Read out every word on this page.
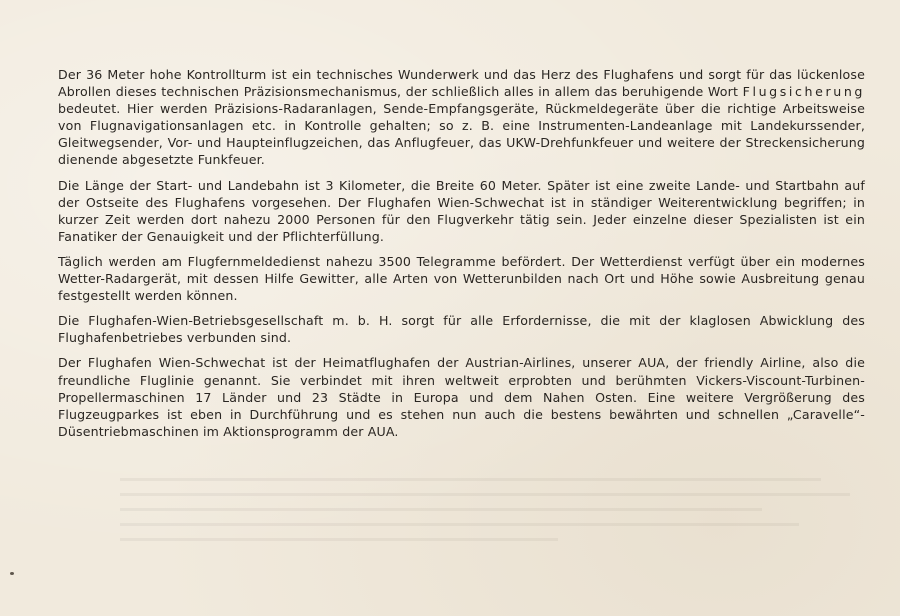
Der 36 Meter hohe Kontrollturm ist ein technisches Wunderwerk und das Herz des Flughafens und sorgt für das lückenlose Abrollen dieses technischen Präzisionsmechanismus, der schließlich alles in allem das beruhigende Wort Flugsicherung bedeutet. Hier werden Präzisions-Radaranlagen, Sende-Empfangsgeräte, Rückmeldegeräte über die richtige Arbeitsweise von Flugnavigationsanlagen etc. in Kontrolle gehalten; so z. B. eine Instrumenten-Landeanlage mit Landekurssender, Gleitwegsender, Vor- und Haupteinflugzeichen, das Anflugfeuer, das UKW-Drehfunkfeuer und weitere der Streckensicherung dienende abgesetzte Funkfeuer.

Die Länge der Start- und Landebahn ist 3 Kilometer, die Breite 60 Meter. Später ist eine zweite Lande- und Startbahn auf der Ostseite des Flughafens vorgesehen. Der Flughafen Wien-Schwechat ist in ständiger Weiterentwicklung begriffen; in kurzer Zeit werden dort nahezu 2000 Personen für den Flugverkehr tätig sein. Jeder einzelne dieser Spezialisten ist ein Fanatiker der Genauigkeit und der Pflichterfüllung.

Täglich werden am Flugfernmeldedienst nahezu 3500 Telegramme befördert. Der Wetterdienst verfügt über ein modernes Wetter-Radargerät, mit dessen Hilfe Gewitter, alle Arten von Wetterunbilden nach Ort und Höhe sowie Ausbreitung genau festgestellt werden können.

Die Flughafen-Wien-Betriebsgesellschaft m. b. H. sorgt für alle Erfordernisse, die mit der klaglosen Abwicklung des Flughafenbetriebes verbunden sind.

Der Flughafen Wien-Schwechat ist der Heimatflughafen der Austrian-Airlines, unserer AUA, der friendly Airline, also die freundliche Fluglinie genannt. Sie verbindet mit ihren weltweit erprobten und berühmten Vickers-Viscount-Turbinen-Propellermaschinen 17 Länder und 23 Städte in Europa und dem Nahen Osten. Eine weitere Vergrößerung des Flugzeugparkes ist eben in Durchführung und es stehen nun auch die bestens bewährten und schnellen „Caravelle“-Düsentriebmaschinen im Aktionsprogramm der AUA.
